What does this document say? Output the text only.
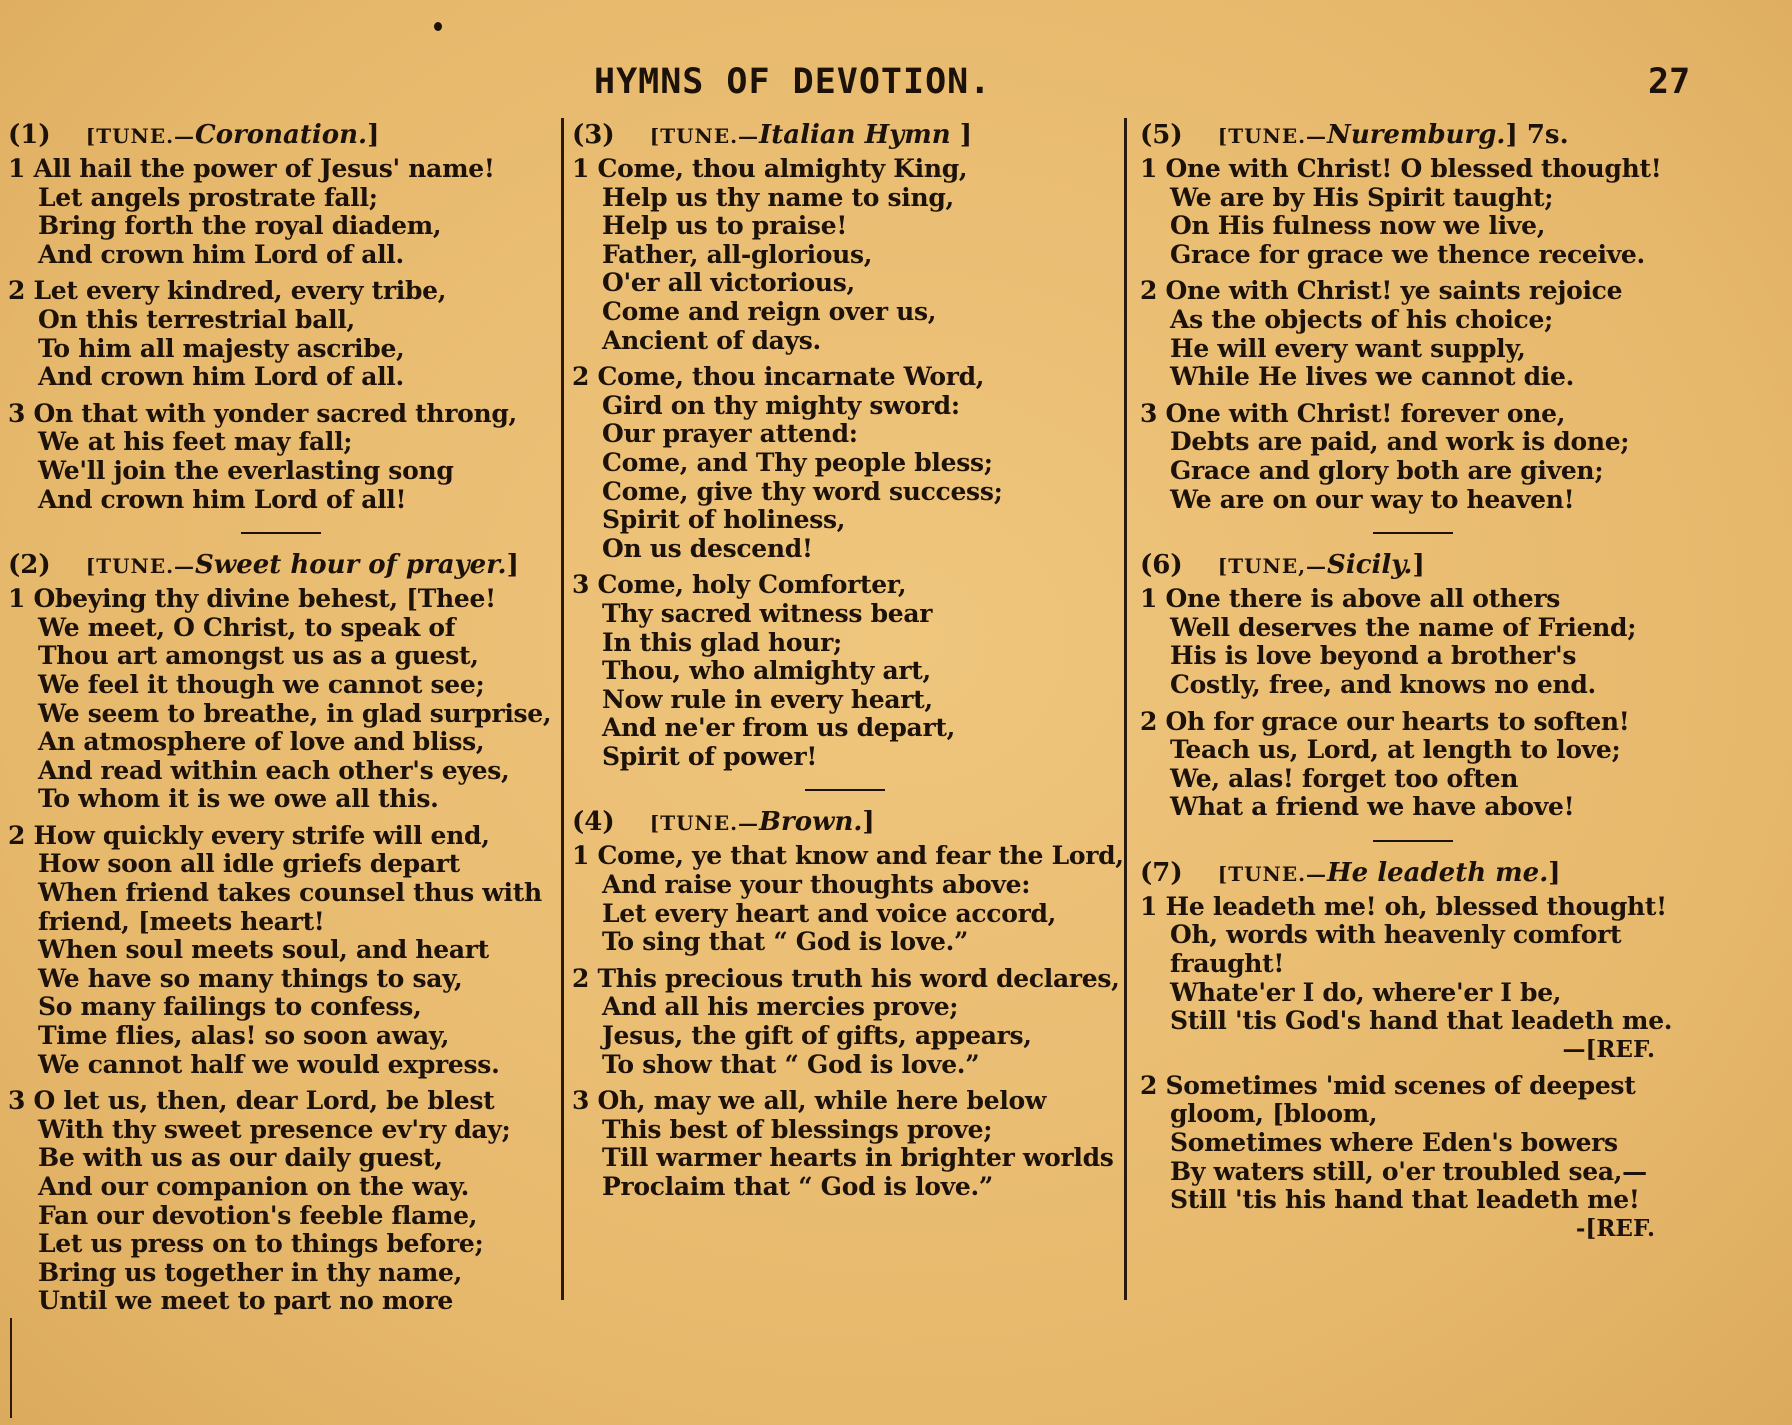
HYMNS OF DEVOTION.	27
(1)  [TUNE.—Coronation.]
1 All hail the power of Jesus' name!
Let angels prostrate fall;
Bring forth the royal diadem,
And crown him Lord of all.
2 Let every kindred, every tribe,
On this terrestrial ball,
To him all majesty ascribe,
And crown him Lord of all.
3 On that with yonder sacred throng,
We at his feet may fall;
We'll join the everlasting song
And crown him Lord of all!
(2)  [TUNE.—Sweet hour of prayer.]
1 Obeying thy divine behest, [Thee!
We meet, O Christ, to speak of
Thou art amongst us as a guest,
We feel it though we cannot see;
We seem to breathe, in glad surprise,
An atmosphere of love and bliss,
And read within each other's eyes,
To whom it is we owe all this.
2 How quickly every strife will end,
How soon all idle griefs depart
When friend takes counsel thus with
friend, [meets heart!
When soul meets soul, and heart
We have so many things to say,
So many failings to confess,
Time flies, alas! so soon away,
We cannot half we would express.
3 O let us, then, dear Lord, be blest
With thy sweet presence ev'ry day;
Be with us as our daily guest,
And our companion on the way.
Fan our devotion's feeble flame,
Let us press on to things before;
Bring us together in thy name,
Until we meet to part no more
(3)  [TUNE.—Italian Hymn ]
1 Come, thou almighty King,
Help us thy name to sing,
Help us to praise!
Father, all-glorious,
O'er all victorious,
Come and reign over us,
Ancient of days.
2 Come, thou incarnate Word,
Gird on thy mighty sword:
Our prayer attend:
Come, and Thy people bless;
Come, give thy word success;
Spirit of holiness,
On us descend!
3 Come, holy Comforter,
Thy sacred witness bear
In this glad hour;
Thou, who almighty art,
Now rule in every heart,
And ne'er from us depart,
Spirit of power!
(4)  [TUNE.—Brown.]
1 Come, ye that know and fear the Lord,
And raise your thoughts above:
Let every heart and voice accord,
To sing that “ God is love.”
2 This precious truth his word declares,
And all his mercies prove;
Jesus, the gift of gifts, appears,
To show that “ God is love.”
3 Oh, may we all, while here below
This best of blessings prove;
Till warmer hearts in brighter worlds
Proclaim that “ God is love.”
(5)  [TUNE.—Nuremburg.] 7s.
1 One with Christ! O blessed thought!
We are by His Spirit taught;
On His fulness now we live,
Grace for grace we thence receive.
2 One with Christ! ye saints rejoice
As the objects of his choice;
He will every want supply,
While He lives we cannot die.
3 One with Christ! forever one,
Debts are paid, and work is done;
Grace and glory both are given;
We are on our way to heaven!
(6)  [TUNE,—Sicily.]
1 One there is above all others
Well deserves the name of Friend;
His is love beyond a brother's
Costly, free, and knows no end.
2 Oh for grace our hearts to soften!
Teach us, Lord, at length to love;
We, alas! forget too often
What a friend we have above!
(7)  [TUNE.—He leadeth me.]
1 He leadeth me! oh, blessed thought!
Oh, words with heavenly comfort
fraught!
Whate'er I do, where'er I be,
Still 'tis God's hand that leadeth me.
—[REF.
2 Sometimes 'mid scenes of deepest
gloom, [bloom,
Sometimes where Eden's bowers
By waters still, o'er troubled sea,—
Still 'tis his hand that leadeth me!
-[REF.
